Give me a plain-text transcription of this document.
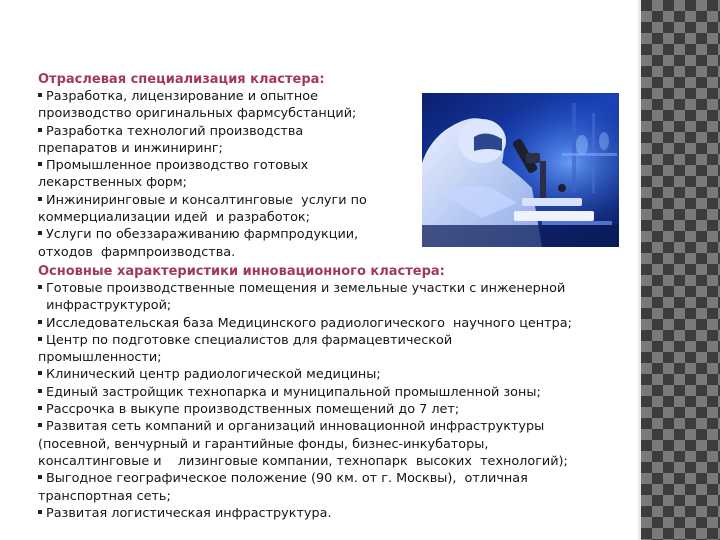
КЛАСТЕР ФАРМАЦЕВТИКИ, БИОТЕХНОЛОГИЙ И
БИОМЕДИЦИНЫ
(Г. ОБНИНСК)
Отраслевая специализация кластера:
Разработка, лицензирование и опытное
производство оригинальных фармсубстанций;
Разработка технологий производства
препаратов и инжиниринг;
Промышленное производство готовых
лекарственных форм;
Инжиниринговые и консалтинговые  услуги по
коммерциализации идей  и разработок;
Услуги по обеззараживанию фармпродукции,
отходов  фармпроизводства.
Основные характеристики инновационного кластера:
Готовые производственные помещения и земельные участки с инженерной
инфраструктурой;
Исследовательская база Медицинского радиологического  научного центра;
Центр по подготовке специалистов для фармацевтической
промышленности;
Клинический центр радиологической медицины;
Единый застройщик технопарка и муниципальной промышленной зоны;
Рассрочка в выкупе производственных помещений до 7 лет;
Развитая сеть компаний и организаций инновационной инфраструктуры
(посевной, венчурный и гарантийные фонды, бизнес-инкубаторы,
консалтинговые и    лизинговые компании, технопарк  высоких  технологий);
Выгодное географическое положение (90 км. от г. Москвы),  отличная
транспортная сеть;
Развитая логистическая инфраструктура.
